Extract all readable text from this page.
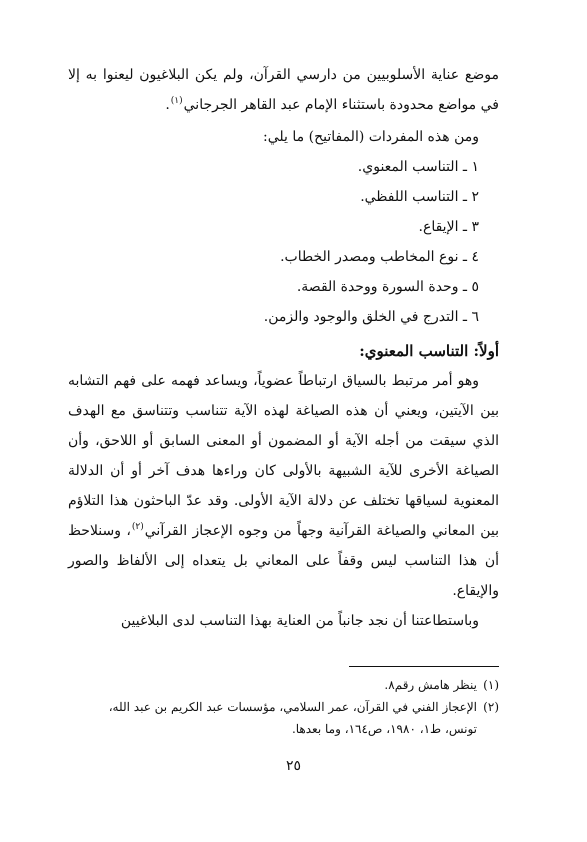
موضع عناية الأسلوبيين من دارسي القرآن، ولم يكن البلاغيون ليعنوا به إلا في مواضع محدودة باستثناء الإمام عبد القاهر الجرجاني$^{(١)}$.

ومن هذه المفردات (المفاتيح) ما يلي:

١ ـ التناسب المعنوي.
٢ ـ التناسب اللفظي.
٣ ـ الإيقاع.
٤ ـ نوع المخاطب ومصدر الخطاب.
٥ ـ وحدة السورة ووحدة القصة.
٦ ـ التدرج في الخلق والوجود والزمن.
أولاً: التناسب المعنوي:

وهو أمر مرتبط بالسياق ارتباطاً عضوياً، ويساعد فهمه على فهم التشابه بين الآيتين، ويعني أن هذه الصياغة لهذه الآية تتناسب وتتناسق مع الهدف الذي سيقت من أجله الآية أو المضمون أو المعنى السابق أو اللاحق، وأن الصياغة الأخرى للآية الشبيهة بالأولى كان وراءها هدف آخر أو أن الدلالة المعنوية لسياقها تختلف عن دلالة الآية الأولى. وقد عدّ الباحثون هذا التلاؤم بين المعاني والصياغة القرآنية وجهاً من وجوه الإعجاز القرآني$^{(٢)}$، وسنلاحظ أن هذا التناسب ليس وقفاً على المعاني بل يتعداه إلى الألفاظ والصور والإيقاع.

وباستطاعتنا أن نجد جانباً من العناية بهذا التناسب لدى البلاغيين

(١)ينظر هامش رقم٨.

(٢)الإعجاز الفني في القرآن، عمر السلامي، مؤسسات عبد الكريم بن عبد الله،

تونس، ط١، ١٩٨٠، ص١٦٤، وما بعدها.

٢٥
